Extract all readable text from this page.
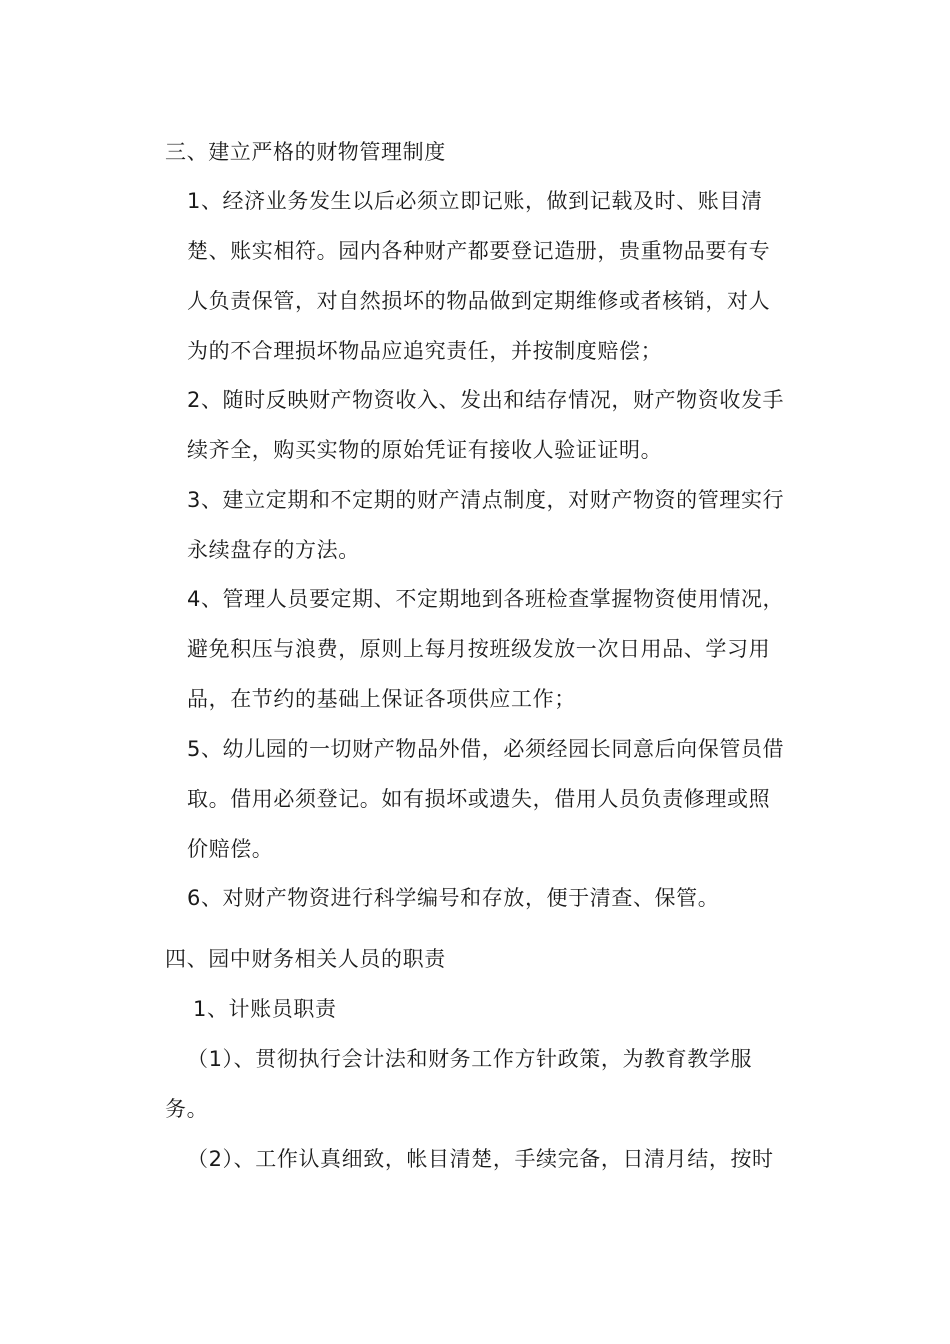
三、建立严格的财物管理制度
1、经济业务发生以后必须立即记账，做到记载及时、账目清
楚、账实相符。园内各种财产都要登记造册，贵重物品要有专
人负责保管，对自然损坏的物品做到定期维修或者核销，对人
为的不合理损坏物品应追究责任，并按制度赔偿；
2、随时反映财产物资收入、发出和结存情况，财产物资收发手
续齐全，购买实物的原始凭证有接收人验证证明。
3、建立定期和不定期的财产清点制度，对财产物资的管理实行
永续盘存的方法。
4、管理人员要定期、不定期地到各班检查掌握物资使用情况，
避免积压与浪费，原则上每月按班级发放一次日用品、学习用
品，在节约的基础上保证各项供应工作；
5、幼儿园的一切财产物品外借，必须经园长同意后向保管员借
取。借用必须登记。如有损坏或遗失，借用人员负责修理或照
价赔偿。
6、对财产物资进行科学编号和存放，便于清查、保管。
四、园中财务相关人员的职责
1、计账员职责
（1）、贯彻执行会计法和财务工作方针政策，为教育教学服
务。
（2）、工作认真细致，帐目清楚，手续完备，日清月结，按时
